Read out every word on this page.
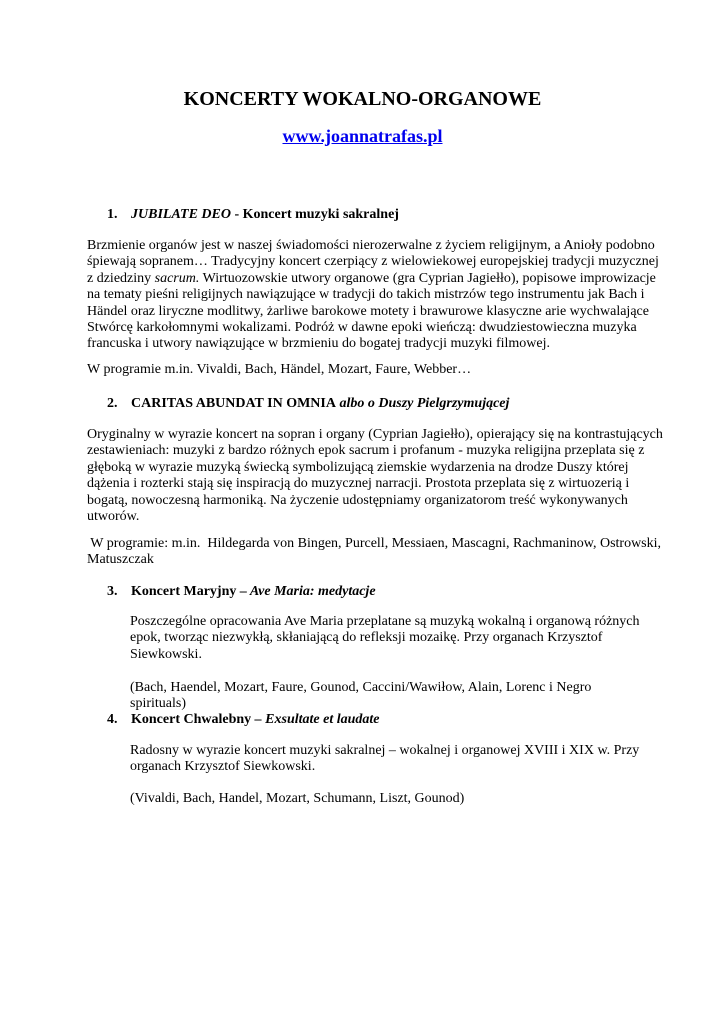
KONCERTY WOKALNO-ORGANOWE
www.joannatrafas.pl
1. JUBILATE DEO - Koncert muzyki sakralnej
Brzmienie organów jest w naszej świadomości nierozerwalne z życiem religijnym, a Anioły podobno
śpiewają sopranem… Tradycyjny koncert czerpiący z wielowiekowej europejskiej tradycji muzycznej
z dziedziny sacrum. Wirtuozowskie utwory organowe (gra Cyprian Jagiełło), popisowe improwizacje
na tematy pieśni religijnych nawiązujące w tradycji do takich mistrzów tego instrumentu jak Bach i
Händel oraz liryczne modlitwy, żarliwe barokowe motety i brawurowe klasyczne arie wychwalające
Stwórcę karkołomnymi wokalizami. Podróż w dawne epoki wieńczą: dwudziestowieczna muzyka
francuska i utwory nawiązujące w brzmieniu do bogatej tradycji muzyki filmowej.
W programie m.in. Vivaldi, Bach, Händel, Mozart, Faure, Webber…
2. CARITAS ABUNDAT IN OMNIA albo o Duszy Pielgrzymującej
Oryginalny w wyrazie koncert na sopran i organy (Cyprian Jagiełło), opierający się na kontrastujących
zestawieniach: muzyki z bardzo różnych epok sacrum i profanum - muzyka religijna przeplata się z
głęboką w wyrazie muzyką świecką symbolizującą ziemskie wydarzenia na drodze Duszy której
dążenia i rozterki stają się inspiracją do muzycznej narracji. Prostota przeplata się z wirtuozerią i
bogatą, nowoczesną harmoniką. Na życzenie udostępniamy organizatorom treść wykonywanych
utworów.
W programie: m.in.  Hildegarda von Bingen, Purcell, Messiaen, Mascagni, Rachmaninow, Ostrowski,
Matuszczak
3. Koncert Maryjny – Ave Maria: medytacje
Poszczególne opracowania Ave Maria przeplatane są muzyką wokalną i organową różnych
epok, tworząc niezwykłą, skłaniającą do refleksji mozaikę. Przy organach Krzysztof
Siewkowski.
(Bach, Haendel, Mozart, Faure, Gounod, Caccini/Wawiłow, Alain, Lorenc i Negro spirituals)
4. Koncert Chwalebny – Exsultate et laudate
Radosny w wyrazie koncert muzyki sakralnej – wokalnej i organowej XVIII i XIX w. Przy
organach Krzysztof Siewkowski.
(Vivaldi, Bach, Handel, Mozart, Schumann, Liszt, Gounod)
